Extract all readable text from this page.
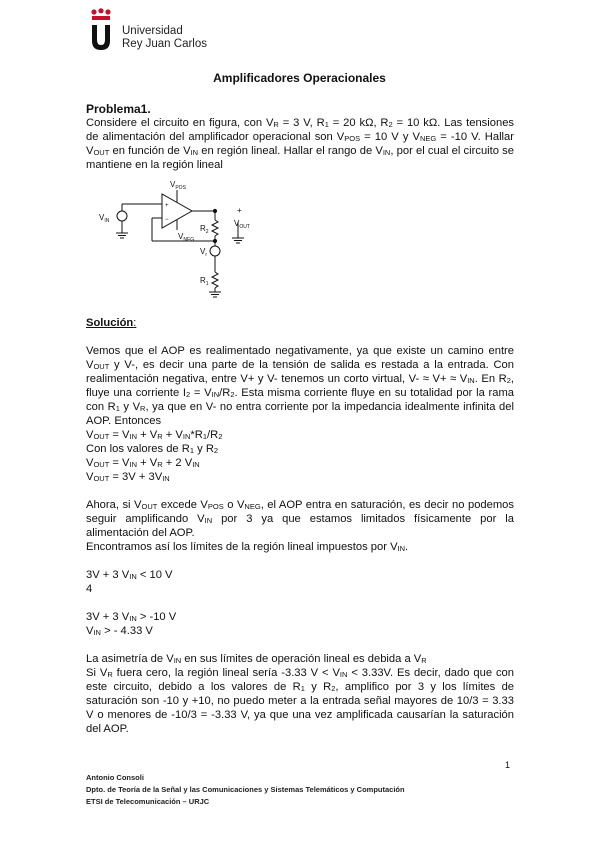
Universidad
Rey Juan Carlos
Amplificadores Operacionales

Problema1.

Considere el circuito en figura, con $V_R = 3$ V, $R_1 = 20$ kΩ, $R_2 = 10$ kΩ. Las tensiones de alimentación del amplificador operacional son $V_{POS} = 10$ V y $V_{NEG} = -10$ V. Hallar $V_{OUT}$ en función de $V_{IN}$ en región lineal. Hallar el rango de $V_{IN}$, por el cual el circuito se mantiene en la región lineal

+
−
$V_{POS}$
$V_{NEG}$
$V_{IN}$
+
$V_{OUT}$
$R_2$
$V_r$
$R_1$

Solución:

Vemos que el AOP es realimentado negativamente, ya que existe un camino entre $V_{OUT}$ y V-, es decir una parte de la tensión de salida es restada a la entrada. Con realimentación negativa, entre V+ y V- tenemos un corto virtual, $V- \approx V+ \approx V_{IN}$. En $R_2$, fluye una corriente $I_2 = V_{IN}/R_2$. Esta misma corriente fluye en su totalidad por la rama con $R_1$ y $V_R$, ya que en V- no entra corriente por la impedancia idealmente infinita del AOP. Entonces

$V_{OUT} = V_{IN} + V_R + V_{IN}*R_1/R_2$

Con los valores de $R_1$ y $R_2$

$V_{OUT} = V_{IN} + V_R + 2$ $V_{IN}$

$V_{OUT} = 3V + 3V_{IN}$

Ahora, si $V_{OUT}$ excede $V_{POS}$ o $V_{NEG}$, el AOP entra en saturación, es decir no podemos seguir amplificando $V_{IN}$ por 3 ya que estamos limitados físicamente por la alimentación del AOP.

Encontramos así los límites de la región lineal impuestos por $V_{IN}$.

3V + 3 $V_{IN} < 10$ V

4

3V + 3 $V_{IN} > -10$ V

$V_{IN}$ > - 4.33 V

La asimetría de $V_{IN}$ en sus límites de operación lineal es debida a $V_R$

Si $V_R$ fuera cero, la región lineal sería -3.33 $V < V_{IN} < 3.33V$. Es decir, dado que con este circuito, debido a los valores de $R_1$ y $R_2$, amplifico por 3 y los límites de saturación son -10 y +10, no puedo meter a la entrada señal mayores de 10/3 = 3.33 V o menores de -10/3 = -3.33 V, ya que una vez amplificada causarían la saturación del AOP.

1
Antonio Consoli
Dpto. de Teoría de la Señal y las Comunicaciones y Sistemas Telemáticos y Computación
ETSI de Telecomunicación – URJC
